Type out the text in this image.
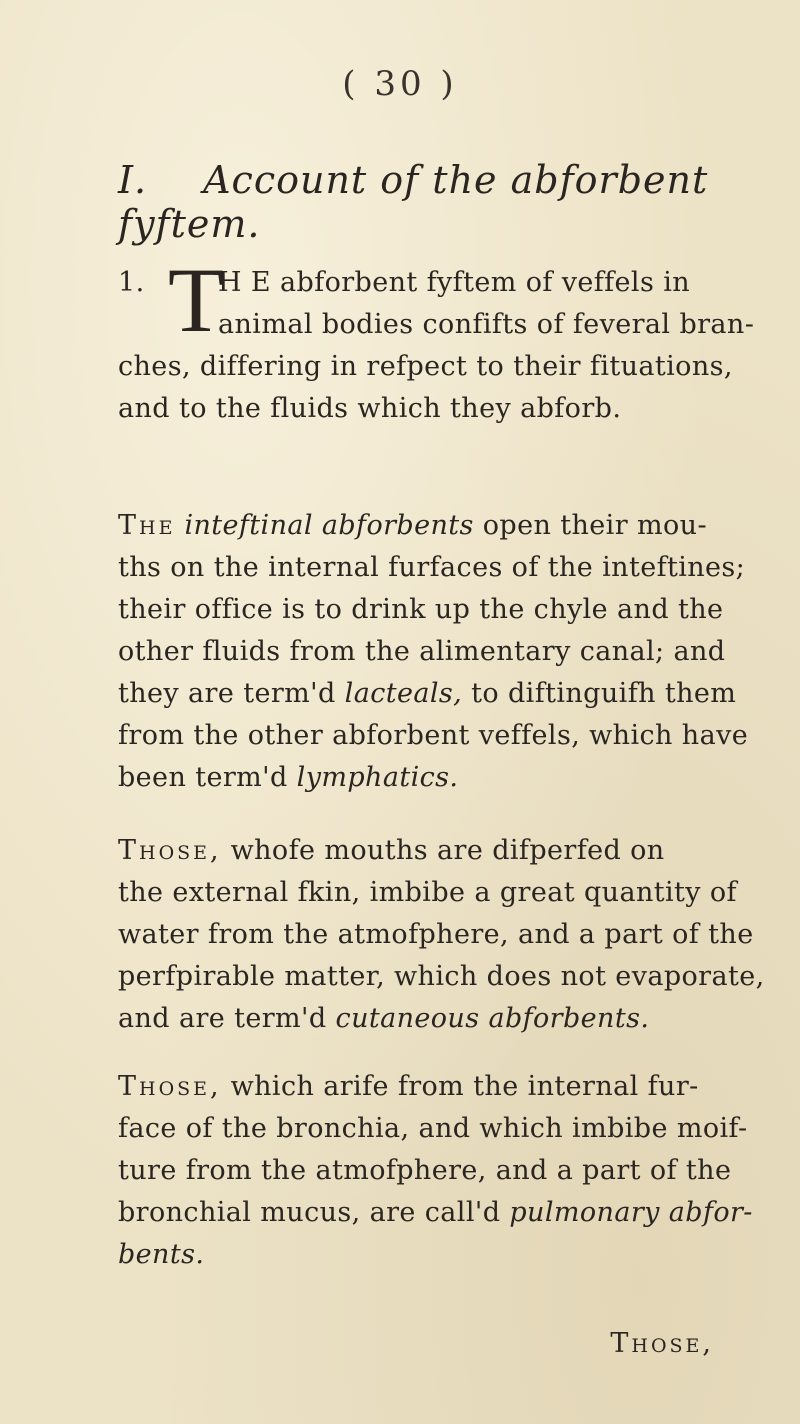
( 30 )
I. Account of the abforbent fyftem.
1. T
H E abforbent fyftem of veffels in
animal bodies confifts of feveral bran-
ches, differing in refpect to their fituations,
and to the fluids which they abforb.
The inteftinal abforbents open their mou-
ths on the internal furfaces of the inteftines;
their office is to drink up the chyle and the
other fluids from the alimentary canal; and
they are term'd lacteals, to diftinguifh them
from the other abforbent veffels, which have
been term'd lymphatics.
Those, whofe mouths are difperfed on
the external fkin, imbibe a great quantity of
water from the atmofphere, and a part of the
perfpirable matter, which does not evaporate,
and are term'd cutaneous abforbents.
Those, which arife from the internal fur-
face of the bronchia, and which imbibe moif-
ture from the atmofphere, and a part of the
bronchial mucus, are call'd pulmonary abfor-
bents.
Those,
